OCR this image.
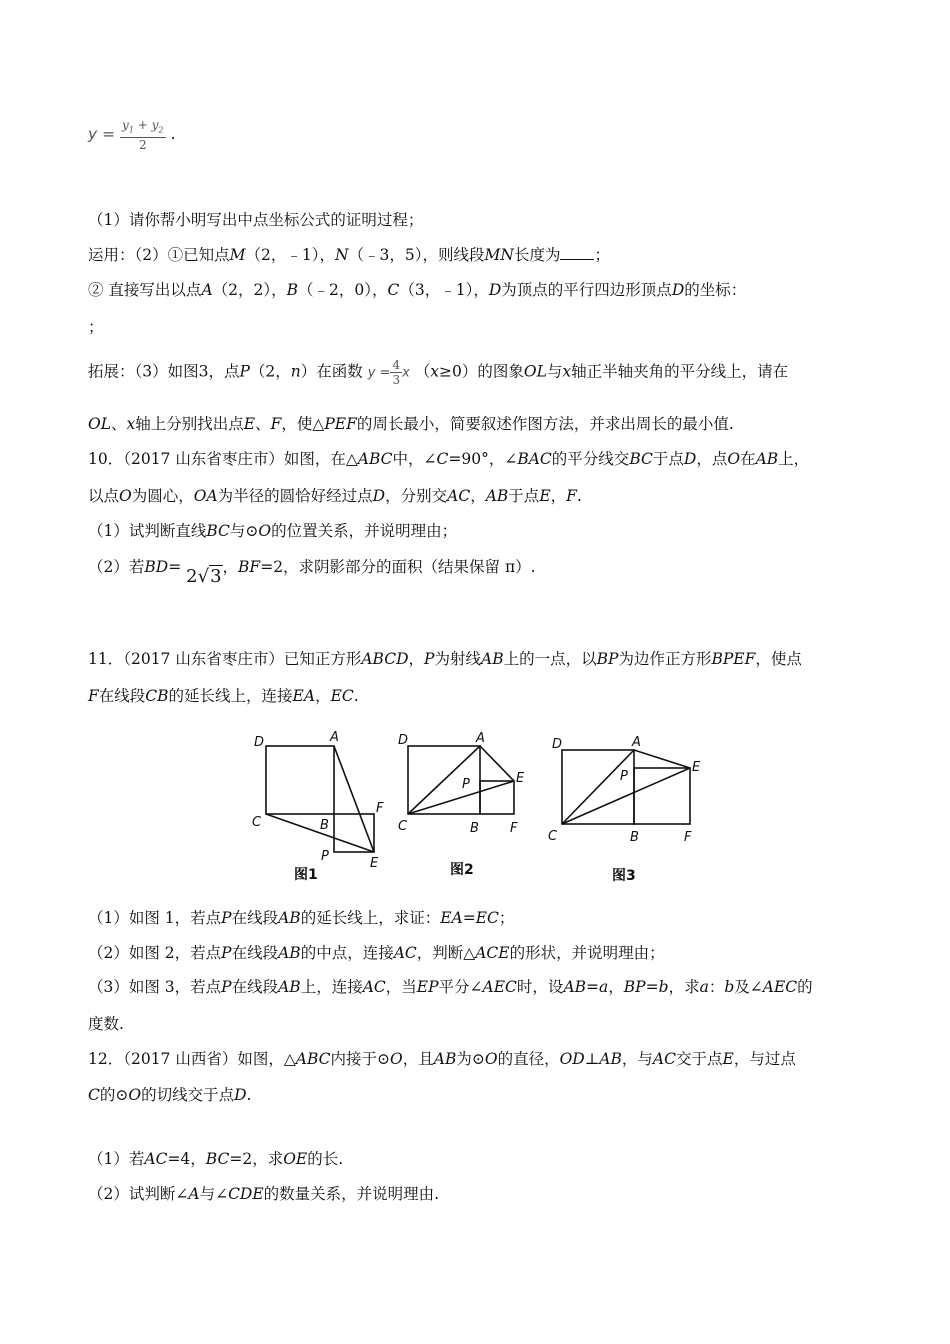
$y = \frac{y_1 + y_2}{2}$ .
（1）请你帮小明写出中点坐标公式的证明过程；
运用：（2）①已知点M（2，﹣1），N（﹣3，5），则线段MN长度为 ；
② 直接写出以点A（2，2），B（﹣2，0），C（3，﹣1），D为顶点的平行四边形顶点D的坐标：
；
拓展：（3）如图3，点P（2，n）在函数 $y = \frac{4}{3}$ x （x≥0）的图象OL与x轴正半轴夹角的平分线上，请在
OL、x轴上分别找出点E、F，使△PEF的周长最小，简要叙述作图方法，并求出周长的最小值.
10．（2017 山东省枣庄市）如图，在△ABC中，∠C=90°，∠BAC的平分线交BC于点D，点O在AB上，
以点O为圆心，OA为半径的圆恰好经过点D，分别交AC，AB于点E，F.
（1）试判断直线BC与⊙O的位置关系，并说明理由；
（2）若BD= 2√3，BF=2，求阴影部分的面积（结果保留 π）.
11．（2017 山东省枣庄市）已知正方形ABCD，P为射线AB上的一点，以BP为边作正方形BPEF，使点
F在线段CB的延长线上，连接EA，EC.
D	A
C	B
F
P	E
图1
D	A
P	E
C	B F
图2
D	A
P
E
C	B	F
图3
（1）如图 1，若点P在线段AB的延长线上，求证：EA=EC；
（2）如图 2，若点P在线段AB的中点，连接AC，判断△ACE的形状，并说明理由；
（3）如图 3，若点P在线段AB上，连接AC，当EP平分∠AEC时，设AB=a，BP=b，求a：b及∠AEC的
度数.
12．（2017 山西省）如图，△ABC内接于⊙O，且AB为⊙O的直径，OD⊥AB，与AC交于点E，与过点
C的⊙O的切线交于点D.
（1）若AC=4，BC=2，求OE的长.
（2）试判断∠A与∠CDE的数量关系，并说明理由.
